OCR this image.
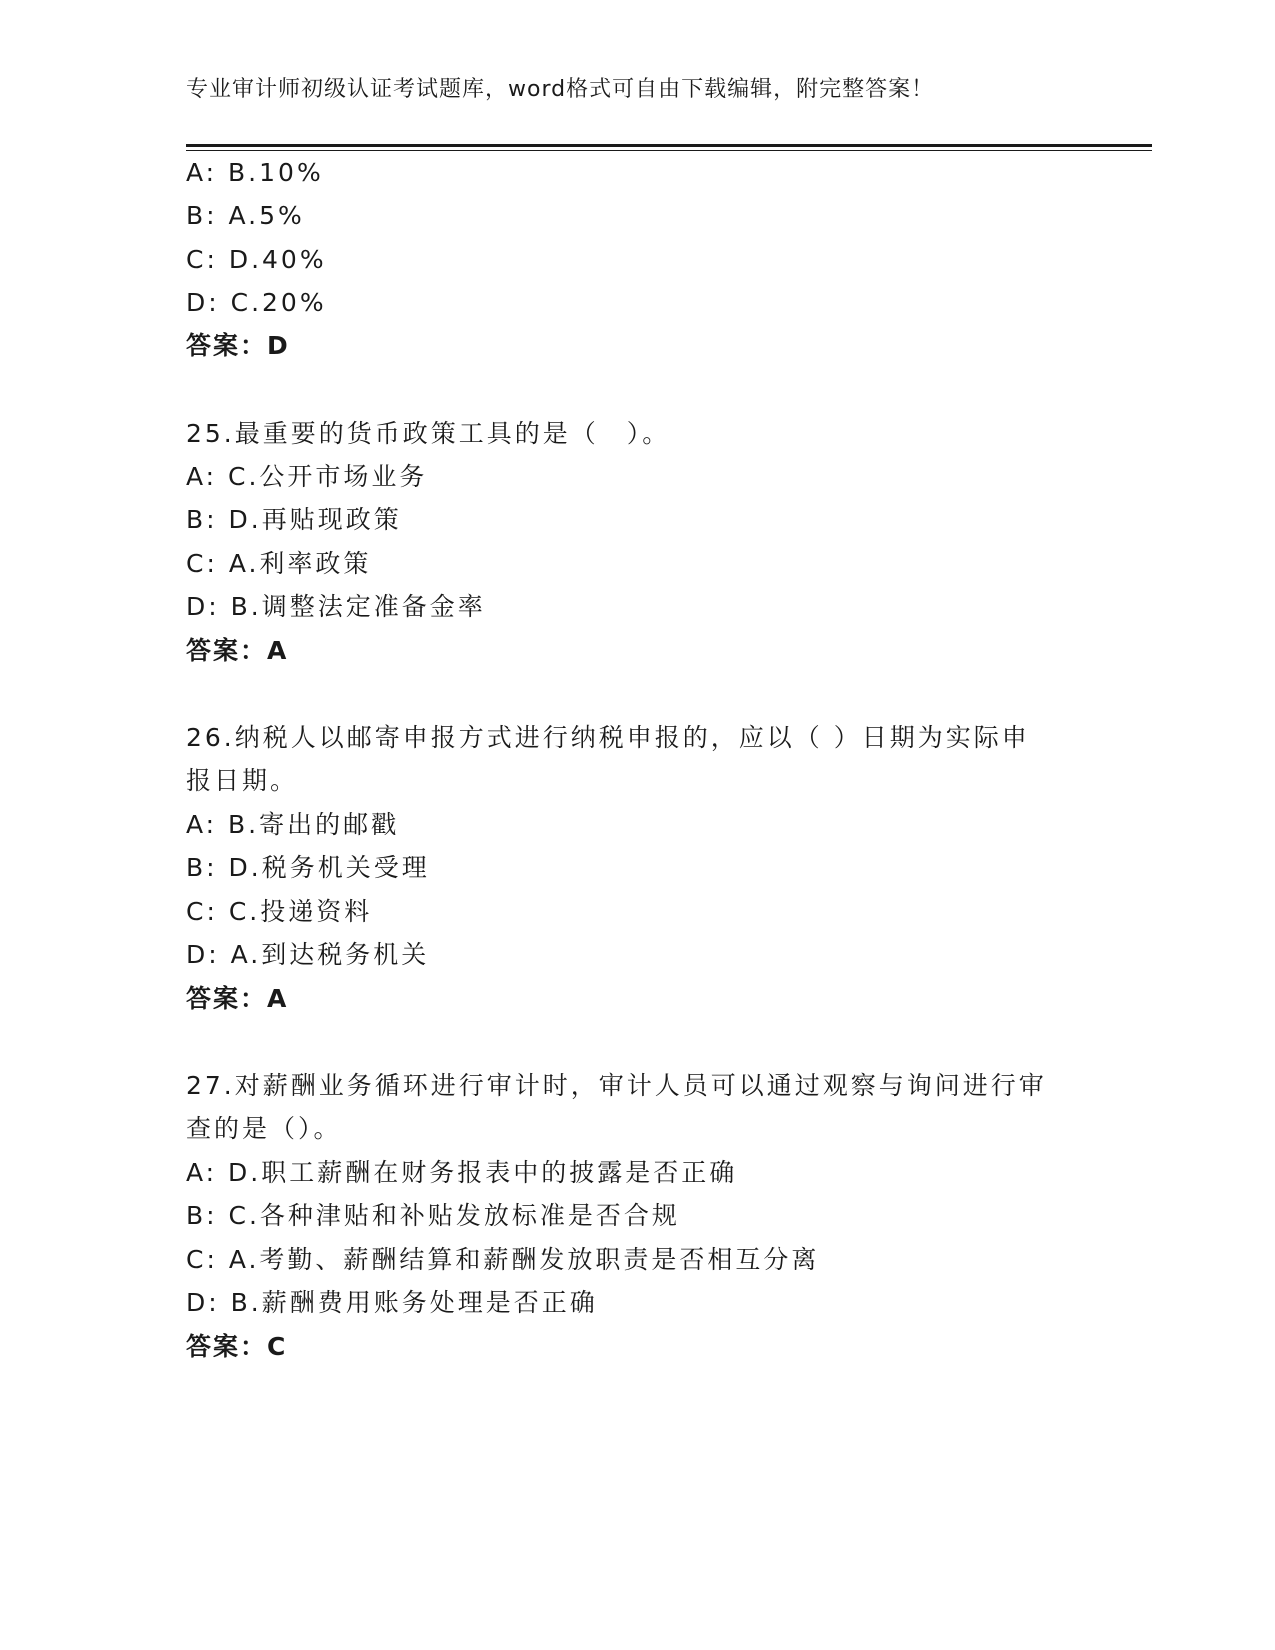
专业审计师初级认证考试题库，word格式可自由下载编辑，附完整答案！
A: B.10%
B: A.5%
C: D.40%
D: C.20%
答案：D
25.最重要的货币政策工具的是（　）。
A: C.公开市场业务
B: D.再贴现政策
C: A.利率政策
D: B.调整法定准备金率
答案：A
26.纳税人以邮寄申报方式进行纳税申报的，应以（ ）日期为实际申
报日期。
A: B.寄出的邮戳
B: D.税务机关受理
C: C.投递资料
D: A.到达税务机关
答案：A
27.对薪酬业务循环进行审计时，审计人员可以通过观察与询问进行审
查的是（）。
A: D.职工薪酬在财务报表中的披露是否正确
B: C.各种津贴和补贴发放标准是否合规
C: A.考勤、薪酬结算和薪酬发放职责是否相互分离
D: B.薪酬费用账务处理是否正确
答案：C
